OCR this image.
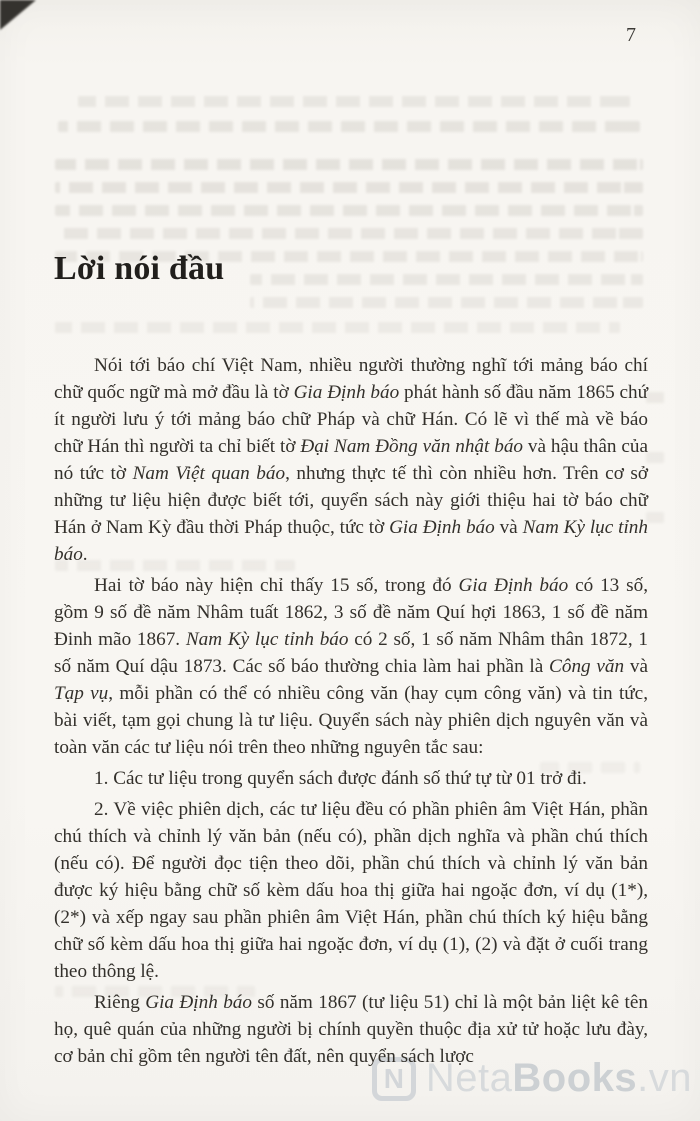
7
Lời nói đầu

Nói tới báo chí Việt Nam, nhiều người thường nghĩ tới mảng báo chí chữ quốc ngữ mà mở đầu là tờ Gia Định báo phát hành số đầu năm 1865 chứ ít người lưu ý tới mảng báo chữ Pháp và chữ Hán. Có lẽ vì thế mà về báo chữ Hán thì người ta chỉ biết tờ Đại Nam Đồng văn nhật báo và hậu thân của nó tức tờ Nam Việt quan báo, nhưng thực tế thì còn nhiều hơn. Trên cơ sở những tư liệu hiện được biết tới, quyển sách này giới thiệu hai tờ báo chữ Hán ở Nam Kỳ đầu thời Pháp thuộc, tức tờ Gia Định báo và Nam Kỳ lục tỉnh báo.

Hai tờ báo này hiện chỉ thấy 15 số, trong đó Gia Định báo có 13 số, gồm 9 số đề năm Nhâm tuất 1862, 3 số đề năm Quí hợi 1863, 1 số đề năm Đinh mão 1867. Nam Kỳ lục tỉnh báo có 2 số, 1 số năm Nhâm thân 1872, 1 số năm Quí dậu 1873. Các số báo thường chia làm hai phần là Công văn và Tạp vụ, mỗi phần có thể có nhiều công văn (hay cụm công văn) và tin tức, bài viết, tạm gọi chung là tư liệu. Quyển sách này phiên dịch nguyên văn và toàn văn các tư liệu nói trên theo những nguyên tắc sau:

1. Các tư liệu trong quyển sách được đánh số thứ tự từ 01 trở đi.

2. Về việc phiên dịch, các tư liệu đều có phần phiên âm Việt Hán, phần chú thích và chỉnh lý văn bản (nếu có), phần dịch nghĩa và phần chú thích (nếu có). Để người đọc tiện theo dõi, phần chú thích và chỉnh lý văn bản được ký hiệu bằng chữ số kèm dấu hoa thị giữa hai ngoặc đơn, ví dụ (1*), (2*) và xếp ngay sau phần phiên âm Việt Hán, phần chú thích ký hiệu bằng chữ số kèm dấu hoa thị giữa hai ngoặc đơn, ví dụ (1), (2) và đặt ở cuối trang theo thông lệ.

Riêng Gia Định báo số năm 1867 (tư liệu 51) chỉ là một bản liệt kê tên họ, quê quán của những người bị chính quyền thuộc địa xử tử hoặc lưu đày, cơ bản chỉ gồm tên người tên đất, nên quyển sách lược

N NetaBooks.vn
